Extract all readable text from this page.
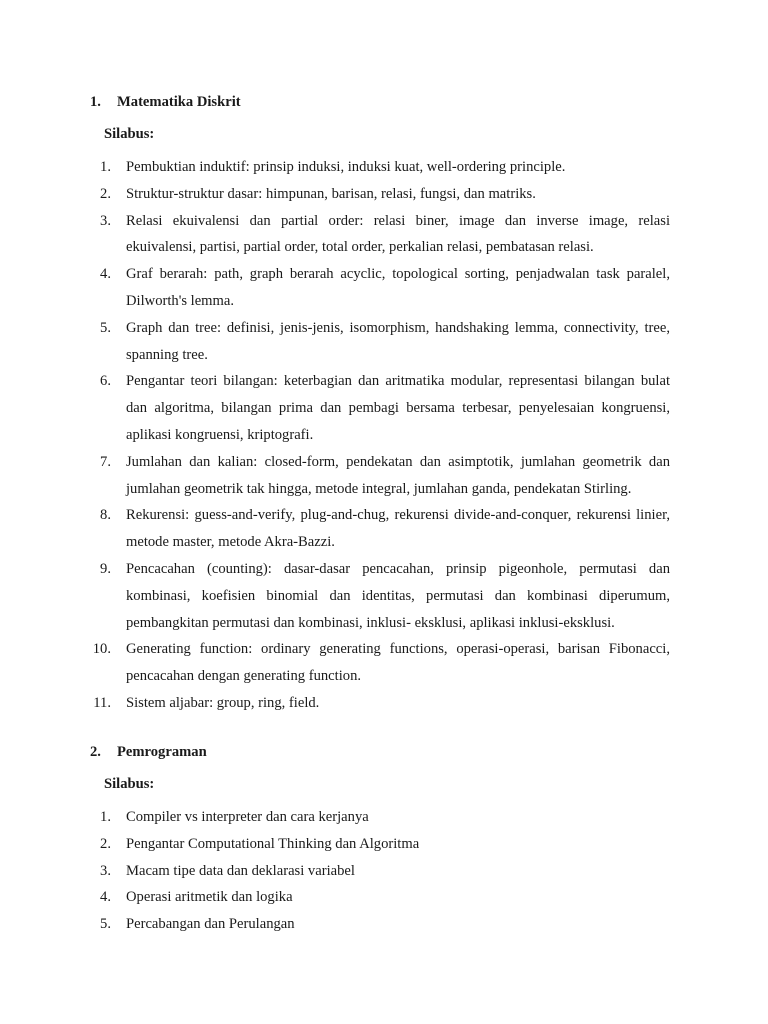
1. Matematika Diskrit
Silabus:
1. Pembuktian induktif: prinsip induksi, induksi kuat, well-ordering principle.
2. Struktur-struktur dasar: himpunan, barisan, relasi, fungsi, dan matriks.
3. Relasi ekuivalensi dan partial order: relasi biner, image dan inverse image, relasi ekuivalensi, partisi, partial order, total order, perkalian relasi, pembatasan relasi.
4. Graf berarah: path, graph berarah acyclic, topological sorting, penjadwalan task paralel, Dilworth's lemma.
5. Graph dan tree: definisi, jenis-jenis, isomorphism, handshaking lemma, connectivity, tree, spanning tree.
6. Pengantar teori bilangan: keterbagian dan aritmatika modular, representasi bilangan bulat dan algoritma, bilangan prima dan pembagi bersama terbesar, penyelesaian kongruensi, aplikasi kongruensi, kriptografi.
7. Jumlahan dan kalian: closed-form, pendekatan dan asimptotik, jumlahan geometrik dan jumlahan geometrik tak hingga, metode integral, jumlahan ganda, pendekatan Stirling.
8. Rekurensi: guess-and-verify, plug-and-chug, rekurensi divide-and-conquer, rekurensi linier, metode master, metode Akra-Bazzi.
9. Pencacahan (counting): dasar-dasar pencacahan, prinsip pigeonhole, permutasi dan kombinasi, koefisien binomial dan identitas, permutasi dan kombinasi diperumum, pembangkitan permutasi dan kombinasi, inklusi- eksklusi, aplikasi inklusi-eksklusi.
10. Generating function: ordinary generating functions, operasi-operasi, barisan Fibonacci, pencacahan dengan generating function.
11. Sistem aljabar: group, ring, field.
2. Pemrograman
Silabus:
1. Compiler vs interpreter dan cara kerjanya
2. Pengantar Computational Thinking dan Algoritma
3. Macam tipe data dan deklarasi variabel
4. Operasi aritmetik dan logika
5. Percabangan dan Perulangan
